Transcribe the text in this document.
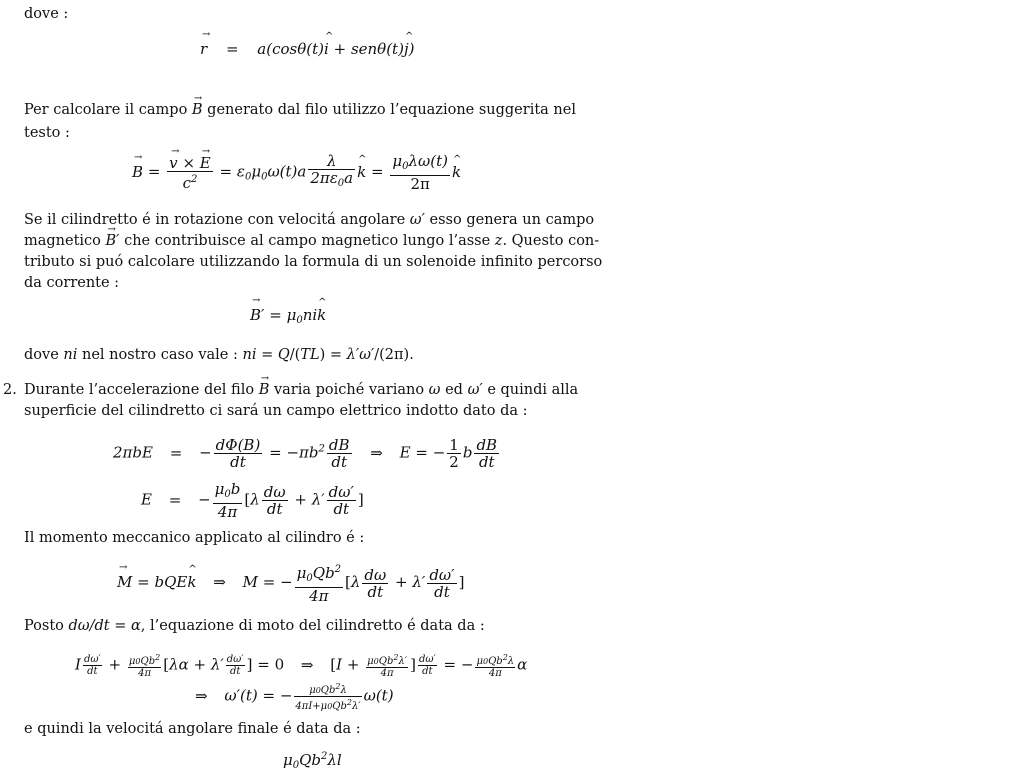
dove :
→ r = a(cosθ(t)^ i + senθ(t)^ j)
Per calcolare il campo → B generato dal filo utilizzo l’equazione suggerita nel
testo :
→ B = → $\frac{v \times \to E}{c^2} = \varepsilon_0\mu_0\omega(t)a \frac{\lambda}{2\pi\varepsilon_0a}$ ^ $k = \frac{\mu_0\lambda\omega(t)}{2\pi}$ ^ k
Se il cilindretto é in rotazione con velocitá angolare ω′ esso genera un campo
magnetico → B′ che contribuisce al campo magnetico lungo l’asse z. Questo con-
tributo si puó calcolare utilizzando la formula di un solenoide infinito percorso
da corrente :
→ $B' = \mu_0ni\^{}$ k
dove ni nel nostro caso vale : ni = Q/(TL) = λ′ω′/(2π).
2. Durante l’accelerazione del filo → B varia poiché variano ω ed ω′ e quindi alla
superficie del cilindretto ci sará un campo elettrico indotto dato da :
2πbE = − $\frac{d\Phi(B)}{dt} = -\pi b^2 \frac{dB}{dt}$ ⇒ E = − $\frac{1}{2}$ b $\frac{dB}{dt}$
E = − $\frac{\mu_0b}{4\pi} [\lambda \frac{d\omega}{dt} + \lambda' \frac{d\omega'}{dt}$ ]
Il momento meccanico applicato al cilindro é :
→ M = bQE^ k ⇒ M = − $\frac{\mu_0Qb^2}{4\pi} [\lambda \frac{d\omega}{dt} + \lambda' \frac{d\omega'}{dt}$ ]
Posto dω/dt = α, l’equazione di moto del cilindretto é data da :
I $\frac{d\omega'}{dt} + \frac{\mu 0Qb^2}{4\pi} [\lambda\alpha + \lambda' \frac{d\omega'}{dt}$ ] = 0 ⇒ [$I + \frac{\mu 0Qb^2\lambda'}{4\pi}$ ] $\frac{d\omega'}{dt}$ = − $\frac{\mu 0Qb^2\lambda}{4\pi}$ α
⇒ ω′(t) = − $\frac{\mu 0Qb^2\lambda}{4\pi I+\mu 0Qb^2\lambda'} \omega(t)$
e quindi la velocitá angolare finale é data da :
$\mu_0Qb^2\lambda l$
